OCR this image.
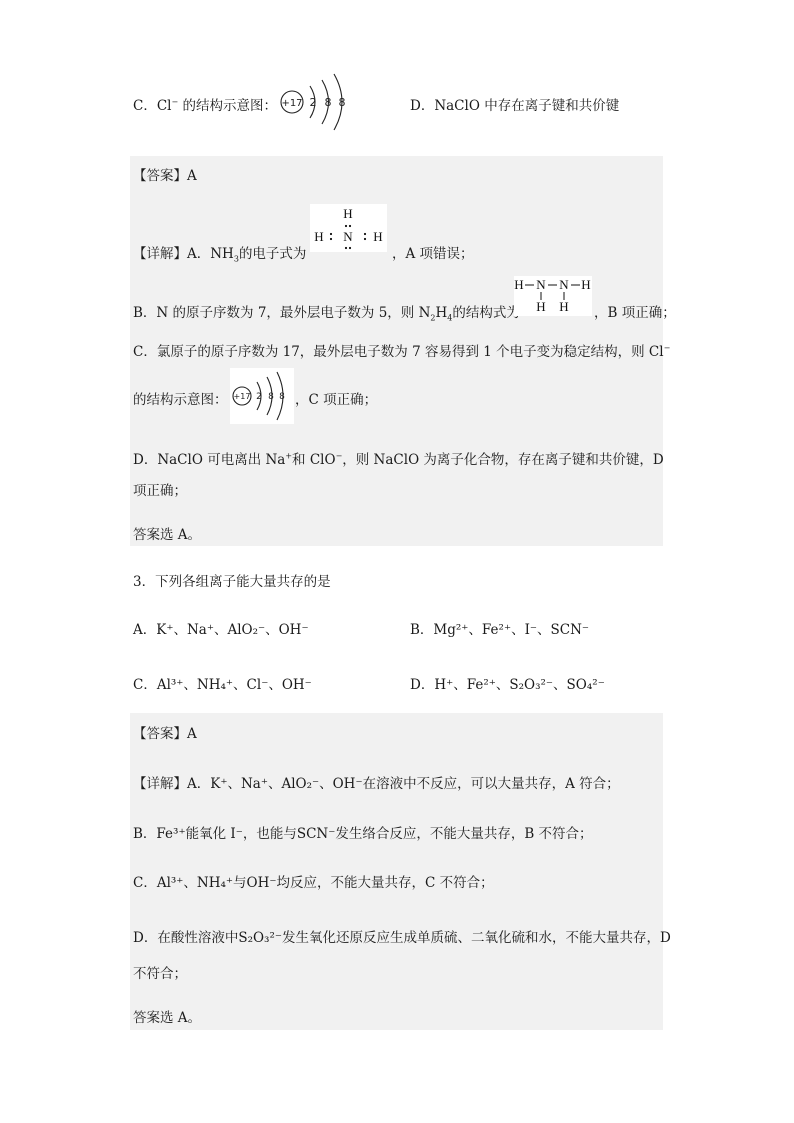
C．Cl− 的结构示意图： +17 2 8 8	D．NaClO 中存在离子键和共价键
【答案】A
【详解】A．$NH_3$的电子式为
H
H N H
，A 项错误；
B．N 的原子序数为 7，最外层电子数为 5，则 $N_2H_4$的结构式为
H N N H
H H ，B 项正确；
C．氯原子的原子序数为 17，最外层电子数为 7 容易得到 1 个电子变为稳定结构，则 Cl−
的结构示意图： +17 2 8 8 ，C 项正确；
D．NaClO 可电离出 Na+和 ClO−，则 NaClO 为离子化合物，存在离子键和共价键，D
项正确；
答案选 A。
3．下列各组离子能大量共存的是
A．K⁺、Na⁺、AlO₂⁻、OH⁻	B．Mg²⁺、Fe²⁺、I⁻、SCN⁻
C．Al³⁺、NH₄⁺、Cl⁻、OH⁻	D．H⁺、Fe²⁺、S₂O₃²⁻、SO₄²⁻
【答案】A
【详解】A．K⁺、Na⁺、AlO₂⁻、OH⁻在溶液中不反应，可以大量共存，A 符合；
B．Fe³⁺能氧化 I⁻，也能与SCN⁻发生络合反应，不能大量共存，B 不符合；
C．Al³⁺、NH₄⁺与OH⁻均反应，不能大量共存，C 不符合；
D．在酸性溶液中S₂O₃²⁻发生氧化还原反应生成单质硫、二氧化硫和水，不能大量共存，D
不符合；
答案选 A。
